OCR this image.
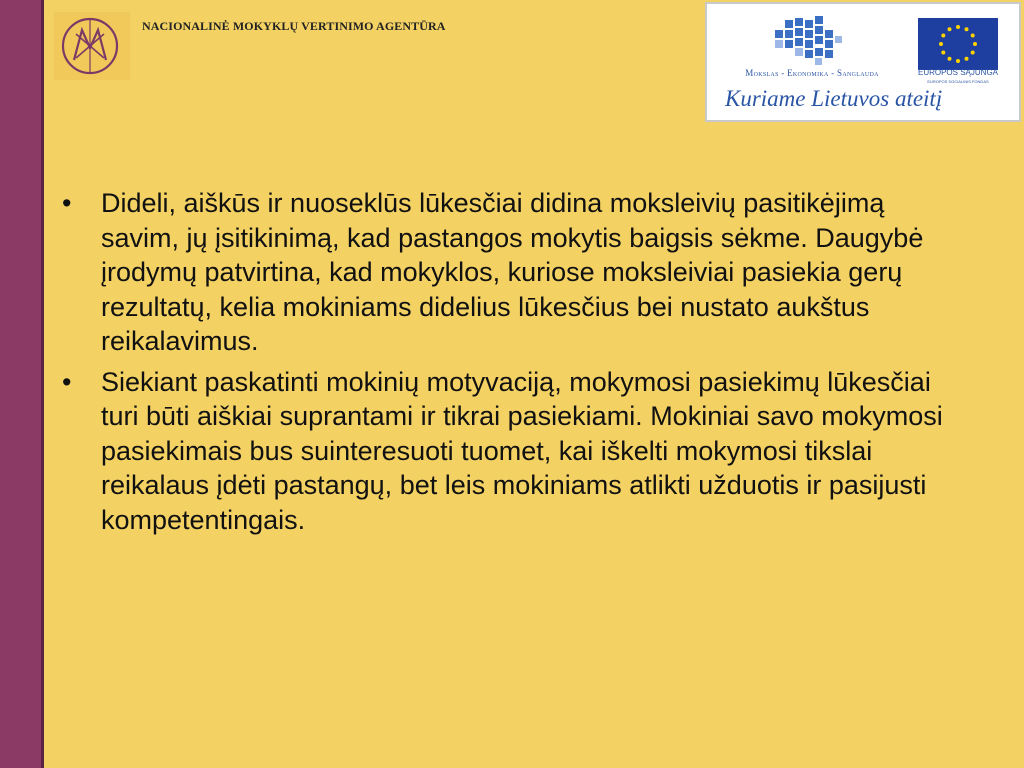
NACIONALINĖ MOKYKLŲ VERTINIMO AGENTŪRA
Mokslas - Ekonomika - Sanglauda	EUROPOS SĄJUNGA
EUROPOS SOCIALINIS FONDAS
Kuriame Lietuvos ateitį
•	Dideli, aiškūs ir nuoseklūs lūkesčiai didina moksleivių pasitikėjimą savim, jų įsitikinimą, kad pastangos mokytis baigsis sėkme. Daugybė įrodymų patvirtina, kad mokyklos, kuriose moksleiviai pasiekia gerų rezultatų, kelia mokiniams didelius lūkesčius bei nustato aukštus reikalavimus.
•	Siekiant paskatinti mokinių motyvaciją, mokymosi pasiekimų lūkesčiai turi būti aiškiai suprantami ir tikrai pasiekiami. Mokiniai savo mokymosi pasiekimais bus suinteresuoti tuomet, kai iškelti mokymosi tikslai reikalaus įdėti pastangų, bet leis mokiniams atlikti užduotis ir pasijusti kompetentingais.
